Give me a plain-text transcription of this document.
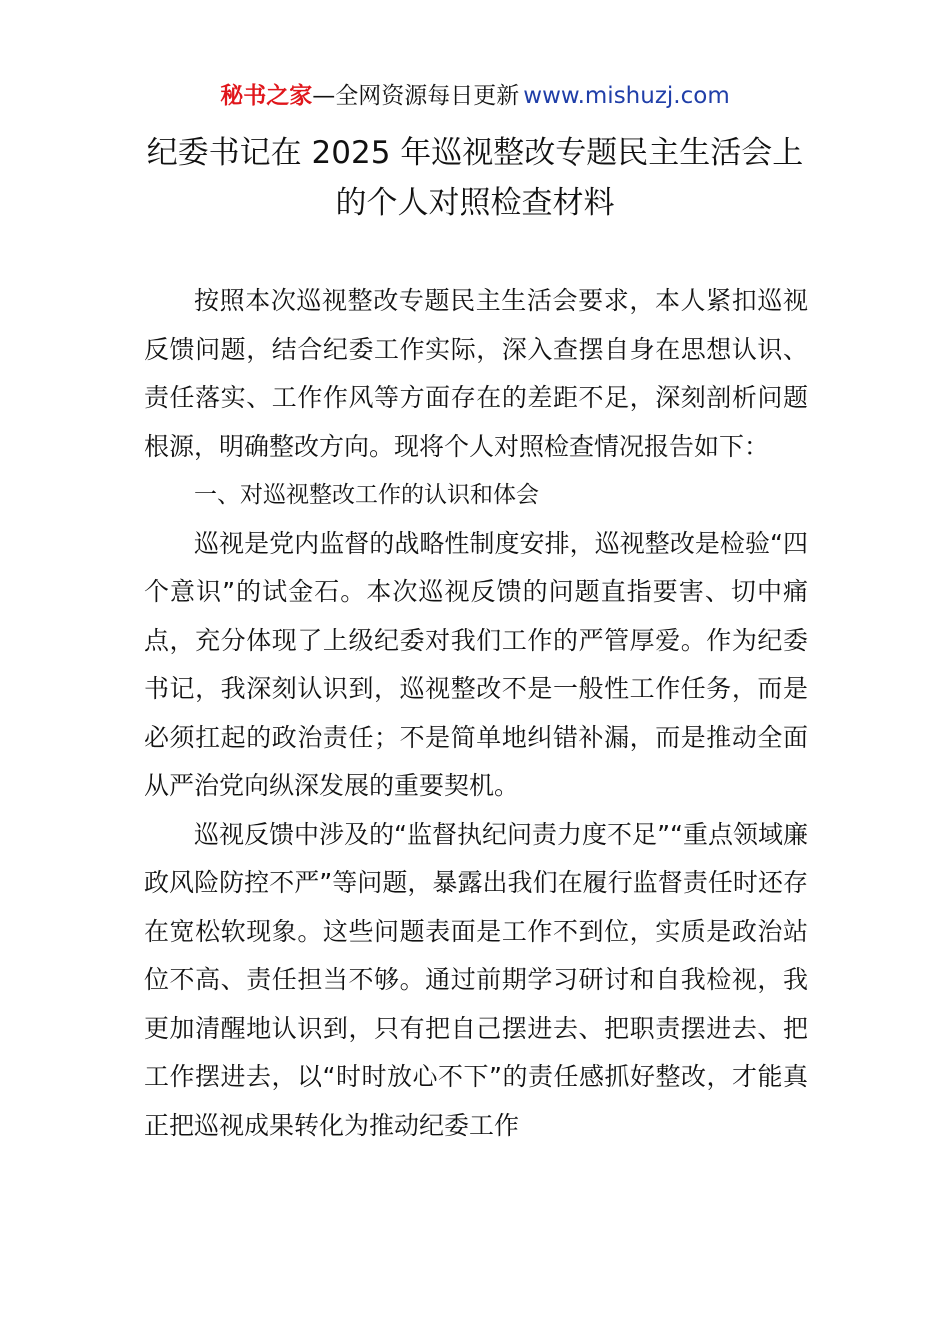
秘书之家—全网资源每日更新 www.mishuzj.com
纪委书记在 2025 年巡视整改专题民主生活会上
的个人对照检查材料

按照本次巡视整改专题民主生活会要求，本人紧扣巡视反馈问题，结合纪委工作实际，深入查摆自身在思想认识、责任落实、工作作风等方面存在的差距不足，深刻剖析问题根源，明确整改方向。现将个人对照检查情况报告如下：

一、对巡视整改工作的认识和体会

巡视是党内监督的战略性制度安排，巡视整改是检验“四个意识”的试金石。本次巡视反馈的问题直指要害、切中痛点，充分体现了上级纪委对我们工作的严管厚爱。作为纪委书记，我深刻认识到，巡视整改不是一般性工作任务，而是必须扛起的政治责任；不是简单地纠错补漏，而是推动全面从严治党向纵深发展的重要契机。

巡视反馈中涉及的“监督执纪问责力度不足”“重点领域廉政风险防控不严”等问题，暴露出我们在履行监督责任时还存在宽松软现象。这些问题表面是工作不到位，实质是政治站位不高、责任担当不够。通过前期学习研讨和自我检视，我更加清醒地认识到，只有把自己摆进去、把职责摆进去、把工作摆进去，以“时时放心不下”的责任感抓好整改，才能真正把巡视成果转化为推动纪委工作
